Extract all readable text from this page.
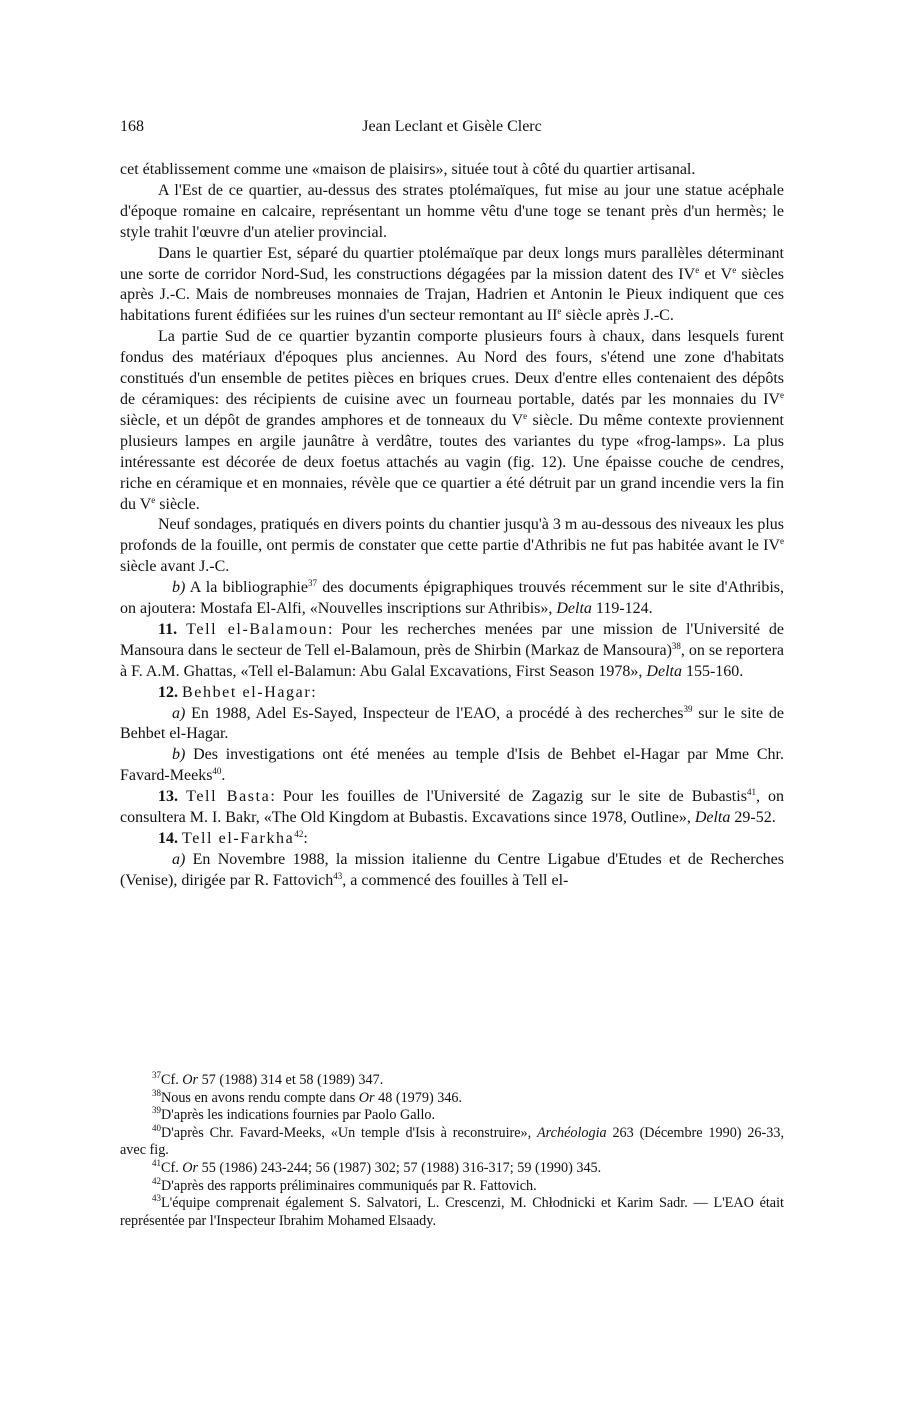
168	Jean Leclant et Gisèle Clerc

cet établissement comme une «maison de plaisirs», située tout à côté du quartier artisanal.

A l'Est de ce quartier, au-dessus des strates ptolémaïques, fut mise au jour une statue acéphale d'époque romaine en calcaire, représentant un homme vêtu d'une toge se tenant près d'un hermès; le style trahit l'œuvre d'un atelier provincial.

Dans le quartier Est, séparé du quartier ptolémaïque par deux longs murs parallèles déterminant une sorte de corridor Nord-Sud, les constructions dégagées par la mission datent des IVe et Ve siècles après J.-C. Mais de nombreuses monnaies de Trajan, Hadrien et Antonin le Pieux indiquent que ces habitations furent édifiées sur les ruines d'un secteur remontant au IIe siècle après J.-C.

La partie Sud de ce quartier byzantin comporte plusieurs fours à chaux, dans lesquels furent fondus des matériaux d'époques plus anciennes. Au Nord des fours, s'étend une zone d'habitats constitués d'un ensemble de petites pièces en briques crues. Deux d'entre elles contenaient des dépôts de céramiques: des récipients de cuisine avec un fourneau portable, datés par les monnaies du IVe siècle, et un dépôt de grandes amphores et de tonneaux du Ve siècle. Du même contexte proviennent plusieurs lampes en argile jaunâtre à verdâtre, toutes des variantes du type «frog-lamps». La plus intéressante est décorée de deux foetus attachés au vagin (fig. 12). Une épaisse couche de cendres, riche en céramique et en monnaies, révèle que ce quartier a été détruit par un grand incendie vers la fin du Ve siècle.

Neuf sondages, pratiqués en divers points du chantier jusqu'à 3 m au-dessous des niveaux les plus profonds de la fouille, ont permis de constater que cette partie d'Athribis ne fut pas habitée avant le IVe siècle avant J.-C.

b) A la bibliographie$^{37}$ des documents épigraphiques trouvés récemment sur le site d'Athribis, on ajoutera: Mostafa El-Alfi, «Nouvelles inscriptions sur Athribis», Delta 119-124.

11. Tell el-Balamoun: Pour les recherches menées par une mission de l'Université de Mansoura dans le secteur de Tell el-Balamoun, près de Shirbin (Markaz de Mansoura)$^{38}$, on se reportera à F. A.M. Ghattas, «Tell el-Balamun: Abu Galal Excavations, First Season 1978», Delta 155-160.

12. Behbet el-Hagar:

a) En 1988, Adel Es-Sayed, Inspecteur de l'EAO, a procédé à des recherches$^{39}$ sur le site de Behbet el-Hagar.

b) Des investigations ont été menées au temple d'Isis de Behbet el-Hagar par Mme Chr. Favard-Meeks$^{40}$.

13. Tell Basta: Pour les fouilles de l'Université de Zagazig sur le site de Bubastis$^{41}$, on consultera M. I. Bakr, «The Old Kingdom at Bubastis. Excavations since 1978, Outline», Delta 29-52.

14. Tell el-Farkha$^{42}$:

a) En Novembre 1988, la mission italienne du Centre Ligabue d'Etudes et de Recherches (Venise), dirigée par R. Fattovich$^{43}$, a commencé des fouilles à Tell el-

$^{37}$Cf. Or 57 (1988) 314 et 58 (1989) 347.

$^{38}$Nous en avons rendu compte dans Or 48 (1979) 346.

$^{39}$D'après les indications fournies par Paolo Gallo.

$^{40}$D'après Chr. Favard-Meeks, «Un temple d'Isis à reconstruire», Archéologia 263 (Décembre 1990) 26-33, avec fig.

$^{41}$Cf. Or 55 (1986) 243-244; 56 (1987) 302; 57 (1988) 316-317; 59 (1990) 345.

$^{42}$D'après des rapports préliminaires communiqués par R. Fattovich.

$^{43}$L'équipe comprenait également S. Salvatori, L. Crescenzi, M. Chłodnicki et Karim Sadr. — L'EAO était représentée par l'Inspecteur Ibrahim Mohamed Elsaady.
